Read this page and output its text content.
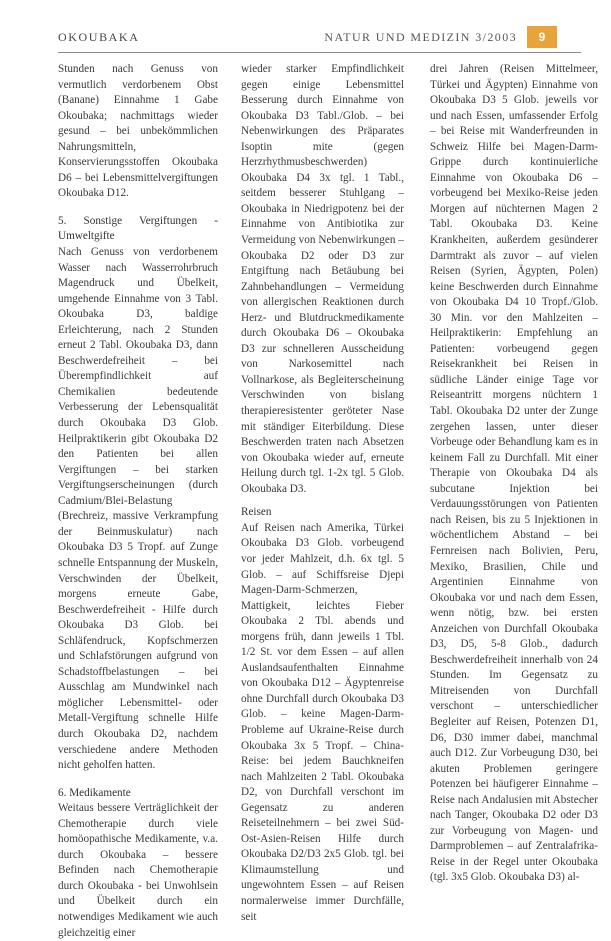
OKOUBAKA	NATUR UND MEDIZIN 3/2003	9

Stunden nach Genuss von vermutlich verdorbenem Obst (Banane) Einnahme 1 Gabe Okoubaka; nachmittags wieder gesund – bei unbekömmlichen Nahrungsmitteln, Konservierungsstoffen Okoubaka D6 – bei Lebensmittelvergiftungen Okoubaka D12.

5. Sonstige Vergiftungen - Umweltgifte

Nach Genuss von verdorbenem Wasser nach Wasserrohrbruch Magendruck und Übelkeit, umgehende Einnahme von 3 Tabl. Okoubaka D3, baldige Erleichterung, nach 2 Stunden erneut 2 Tabl. Okoubaka D3, dann Beschwerdefreiheit – bei Überempfindlichkeit auf Chemikalien bedeutende Verbesserung der Lebensqualität durch Okoubaka D3 Glob. Heilpraktikerin gibt Okoubaka D2 den Patienten bei allen Vergiftungen – bei starken Vergiftungserscheinungen (durch Cadmium/Blei-Belastung (Brechreiz, massive Verkrampfung der Beinmuskulatur) nach Okoubaka D3 5 Tropf. auf Zunge schnelle Entspannung der Muskeln, Verschwinden der Übelkeit, morgens erneute Gabe, Beschwerdefreiheit - Hilfe durch Okoubaka D3 Glob. bei Schläfendruck, Kopfschmerzen und Schlafstörungen aufgrund von Schadstoffbelastungen – bei Ausschlag am Mundwinkel nach möglicher Lebensmittel- oder Metall-Vergiftung schnelle Hilfe durch Okoubaka D2, nachdem verschiedene andere Methoden nicht geholfen hatten.

6. Medikamente

Weitaus bessere Verträglichkeit der Chemotherapie durch viele homöopathische Medikamente, v.a. durch Okoubaka – bessere Befinden nach Chemotherapie durch Okoubaka - bei Unwohlsein und Übelkeit durch ein notwendiges Medikament wie auch gleichzeitig einer

wieder starker Empfindlichkeit gegen einige Lebensmittel Besserung durch Einnahme von Okoubaka D3 Tabl./Glob. – bei Nebenwirkungen des Präparates Isoptin mite (gegen Herzrhythmusbeschwerden) Okoubaka D4 3x tgl. 1 Tabl., seitdem besserer Stuhlgang – Okoubaka in Niedrigpotenz bei der Einnahme von Antibiotika zur Vermeidung von Nebenwirkungen – Okoubaka D2 oder D3 zur Entgiftung nach Betäubung bei Zahnbehandlungen – Vermeidung von allergischen Reaktionen durch Herz- und Blutdruckmedikamente durch Okoubaka D6 – Okoubaka D3 zur schnelleren Ausscheidung von Narkosemittel nach Vollnarkose, als Begleiterscheinung Verschwinden von bislang therapieresistenter geröteter Nase mit ständiger Eiterbildung. Diese Beschwerden traten nach Absetzen von Okoubaka wieder auf, erneute Heilung durch tgl. 1-2x tgl. 5 Glob. Okoubaka D3.

Reisen

Auf Reisen nach Amerika, Türkei Okoubaka D3 Glob. vorbeugend vor jeder Mahlzeit, d.h. 6x tgl. 5 Glob. – auf Schiffsreise Djepi Magen-Darm-Schmerzen, Mattigkeit, leichtes Fieber Okoubaka 2 Tbl. abends und morgens früh, dann jeweils 1 Tbl. 1/2 St. vor dem Essen – auf allen Auslandsaufenthalten Einnahme von Okoubaka D12 – Ägyptenreise ohne Durchfall durch Okoubaka D3 Glob. – keine Magen-Darm-Probleme auf Ukraine-Reise durch Okoubaka 3x 5 Tropf. – China-Reise: bei jedem Bauchkneifen nach Mahlzeiten 2 Tabl. Okoubaka D2, von Durchfall verschont im Gegensatz zu anderen Reiseteilnehmern – bei zwei Süd-Ost-Asien-Reisen Hilfe durch Okoubaka D2/D3 2x5 Glob. tgl. bei Klimaumstellung und ungewohntem Essen – auf Reisen normalerweise immer Durchfälle, seit

drei Jahren (Reisen Mittelmeer, Türkei und Ägypten) Einnahme von Okoubaka D3 5 Glob. jeweils vor und nach Essen, umfassender Erfolg – bei Reise mit Wanderfreunden in Schweiz Hilfe bei Magen-Darm-Grippe durch kontinuierliche Einnahme von Okoubaka D6 – vorbeugend bei Mexiko-Reise jeden Morgen auf nüchternen Magen 2 Tabl. Okoubaka D3. Keine Krankheiten, außerdem gesünderer Darmtrakt als zuvor – auf vielen Reisen (Syrien, Ägypten, Polen) keine Beschwerden durch Einnahme von Okoubaka D4 10 Tropf./Glob. 30 Min. vor den Mahlzeiten – Heilpraktikerin: Empfehlung an Patienten: vorbeugend gegen Reisekrankheit bei Reisen in südliche Länder einige Tage vor Reiseantritt morgens nüchtern 1 Tabl. Okoubaka D2 unter der Zunge zergehen lassen, unter dieser Vorbeuge oder Behandlung kam es in keinem Fall zu Durchfall. Mit einer Therapie von Okoubaka D4 als subcutane Injektion bei Verdauungsstörungen von Patienten nach Reisen, bis zu 5 Injektionen in wöchentlichem Abstand – bei Fernreisen nach Bolivien, Peru, Mexiko, Brasilien, Chile und Argentinien Einnahme von Okoubaka vor und nach dem Essen, wenn nötig, bzw. bei ersten Anzeichen von Durchfall Okoubaka D3, D5, 5-8 Glob., dadurch Beschwerdefreiheit innerhalb von 24 Stunden. Im Gegensatz zu Mitreisenden von Durchfall verschont – unterschiedlicher Begleiter auf Reisen, Potenzen D1, D6, D30 immer dabei, manchmal auch D12. Zur Vorbeugung D30, bei akuten Problemen geringere Potenzen bei häufigerer Einnahme – Reise nach Andalusien mit Abstecher nach Tanger, Okoubaka D2 oder D3 zur Vorbeugung von Magen- und Darmproblemen – auf Zentralafrika-Reise in der Regel unter Okoubaka (tgl. 3x5 Glob. Okoubaka D3) al-
